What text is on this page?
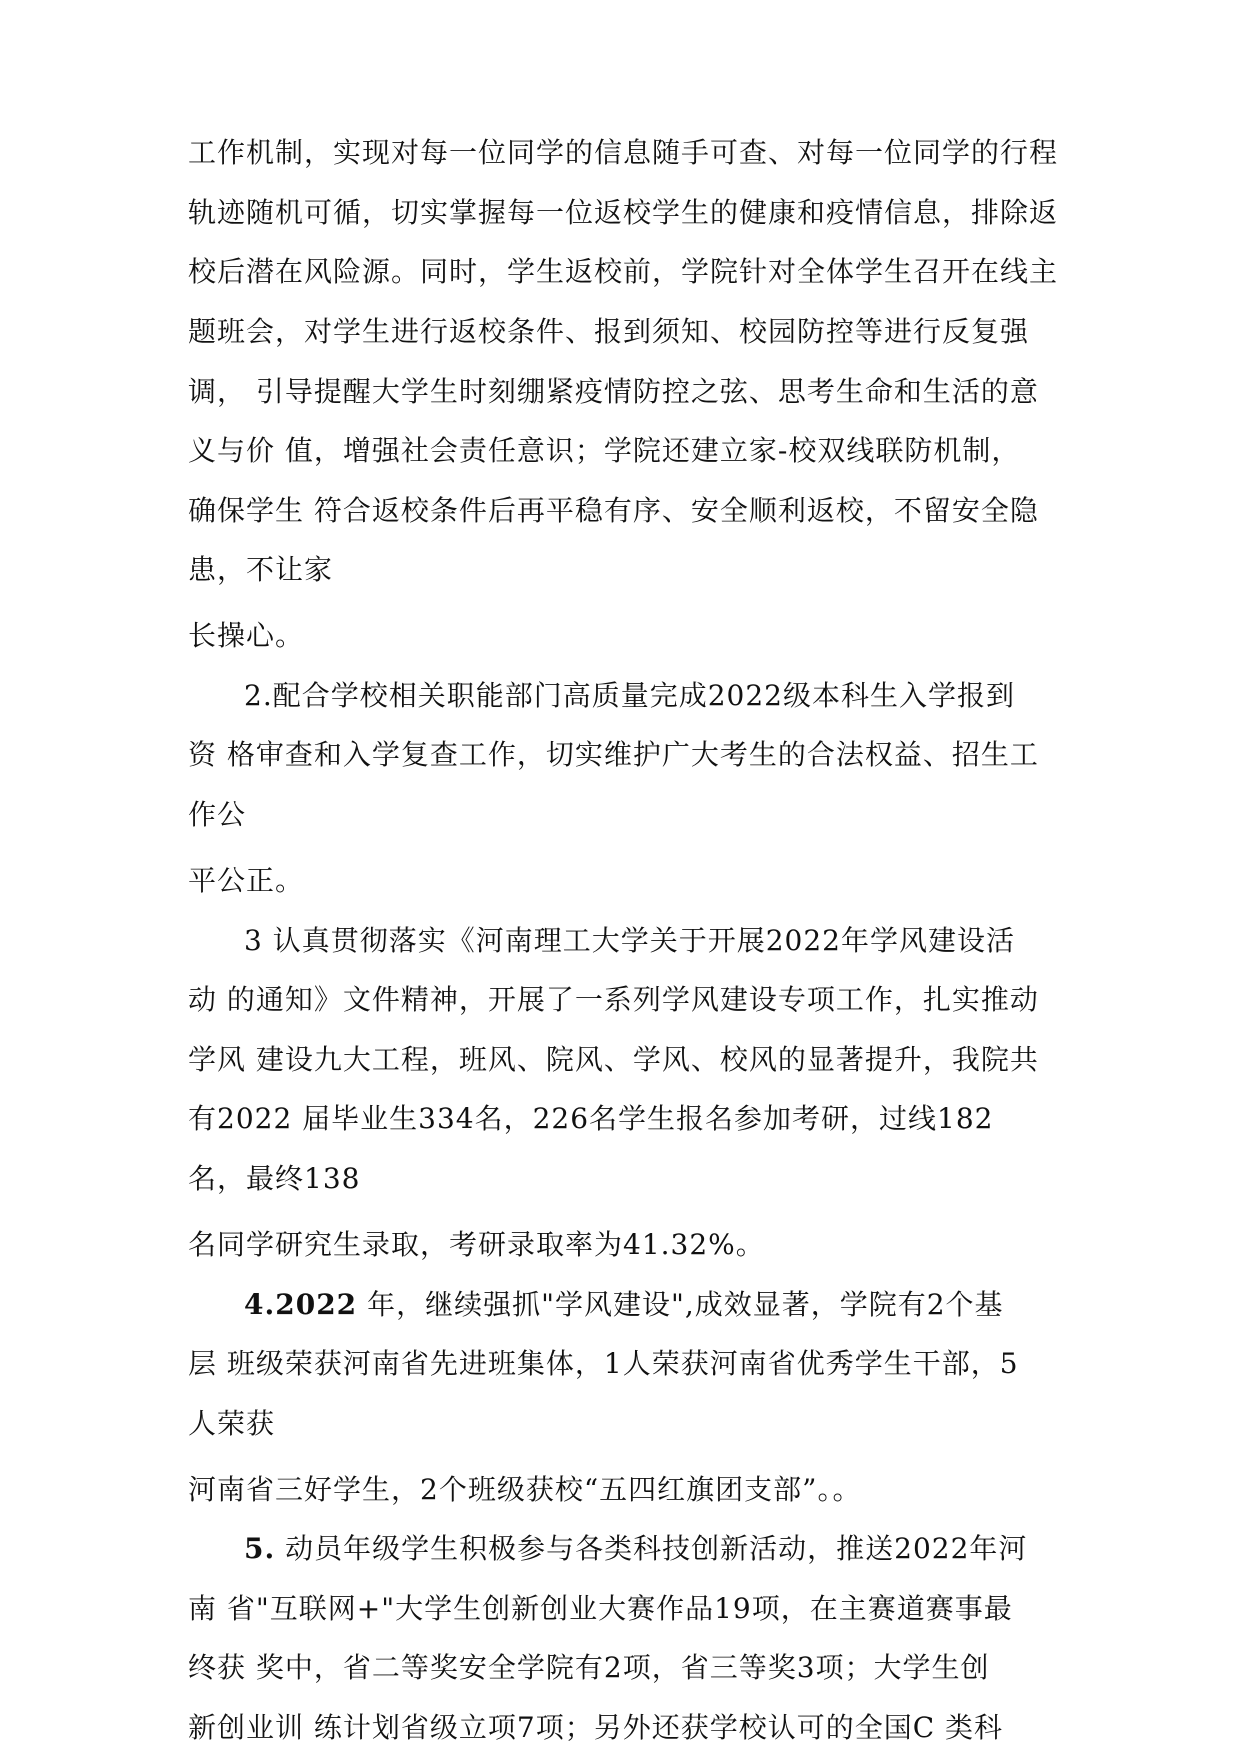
工作机制，实现对每一位同学的信息随手可查、对每一位同学的行程
轨迹随机可循，切实掌握每一位返校学生的健康和疫情信息，排除返
校后潜在风险源。同时，学生返校前，学院针对全体学生召开在线主
题班会，对学生进行返校条件、报到须知、校园防控等进行反复强
调， 引导提醒大学生时刻绷紧疫情防控之弦、思考生命和生活的意
义与价 值，增强社会责任意识；学院还建立家-校双线联防机制，
确保学生 符合返校条件后再平稳有序、安全顺利返校，不留安全隐
患，不让家
长操心。
2.配合学校相关职能部门高质量完成2022级本科生入学报到
资 格审查和入学复查工作，切实维护广大考生的合法权益、招生工
作公
平公正。
3 认真贯彻落实《河南理工大学关于开展2022年学风建设活
动 的通知》文件精神，开展了一系列学风建设专项工作，扎实推动
学风 建设九大工程，班风、院风、学风、校风的显著提升，我院共
有2022 届毕业生334名，226名学生报名参加考研，过线182
名，最终138
名同学研究生录取，考研录取率为41.32%。
4.2022 年，继续强抓"学风建设",成效显著，学院有2个基
层 班级荣获河南省先进班集体，1人荣获河南省优秀学生干部，5
人荣获
河南省三好学生，2个班级获校“五四红旗团支部”。。
5. 动员年级学生积极参与各类科技创新活动，推送2022年河
南 省"互联网+"大学生创新创业大赛作品19项，在主赛道赛事最
终获 奖中，省二等奖安全学院有2项，省三等奖3项；大学生创
新创业训 练计划省级立项7项；另外还获学校认可的全国C 类科
